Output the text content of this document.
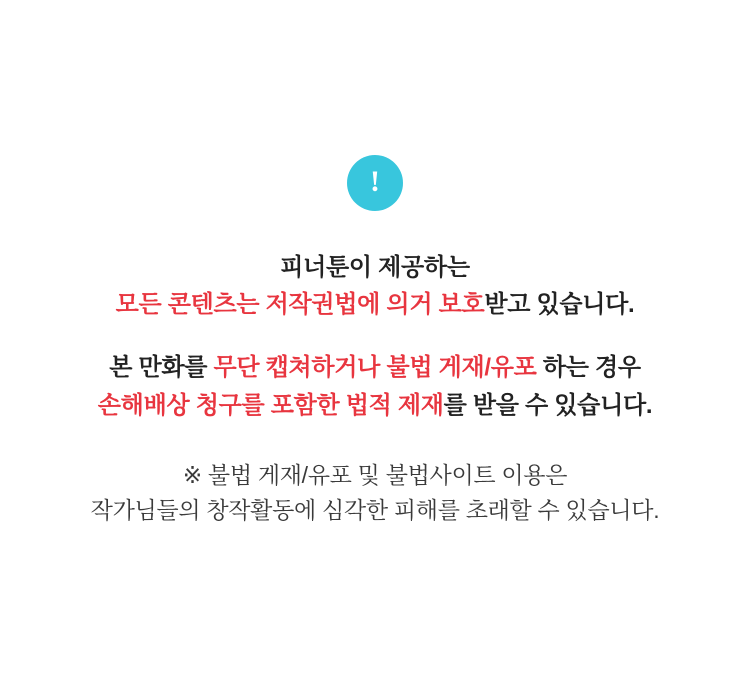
!
피너툰이 제공하는
모든 콘텐츠는 저작권법에 의거 보호받고 있습니다.
본 만화를 무단 캡쳐하거나 불법 게재/유포 하는 경우
손해배상 청구를 포함한 법적 제재를 받을 수 있습니다.
※ 불법 게재/유포 및 불법사이트 이용은
작가님들의 창작활동에 심각한 피해를 초래할 수 있습니다.
